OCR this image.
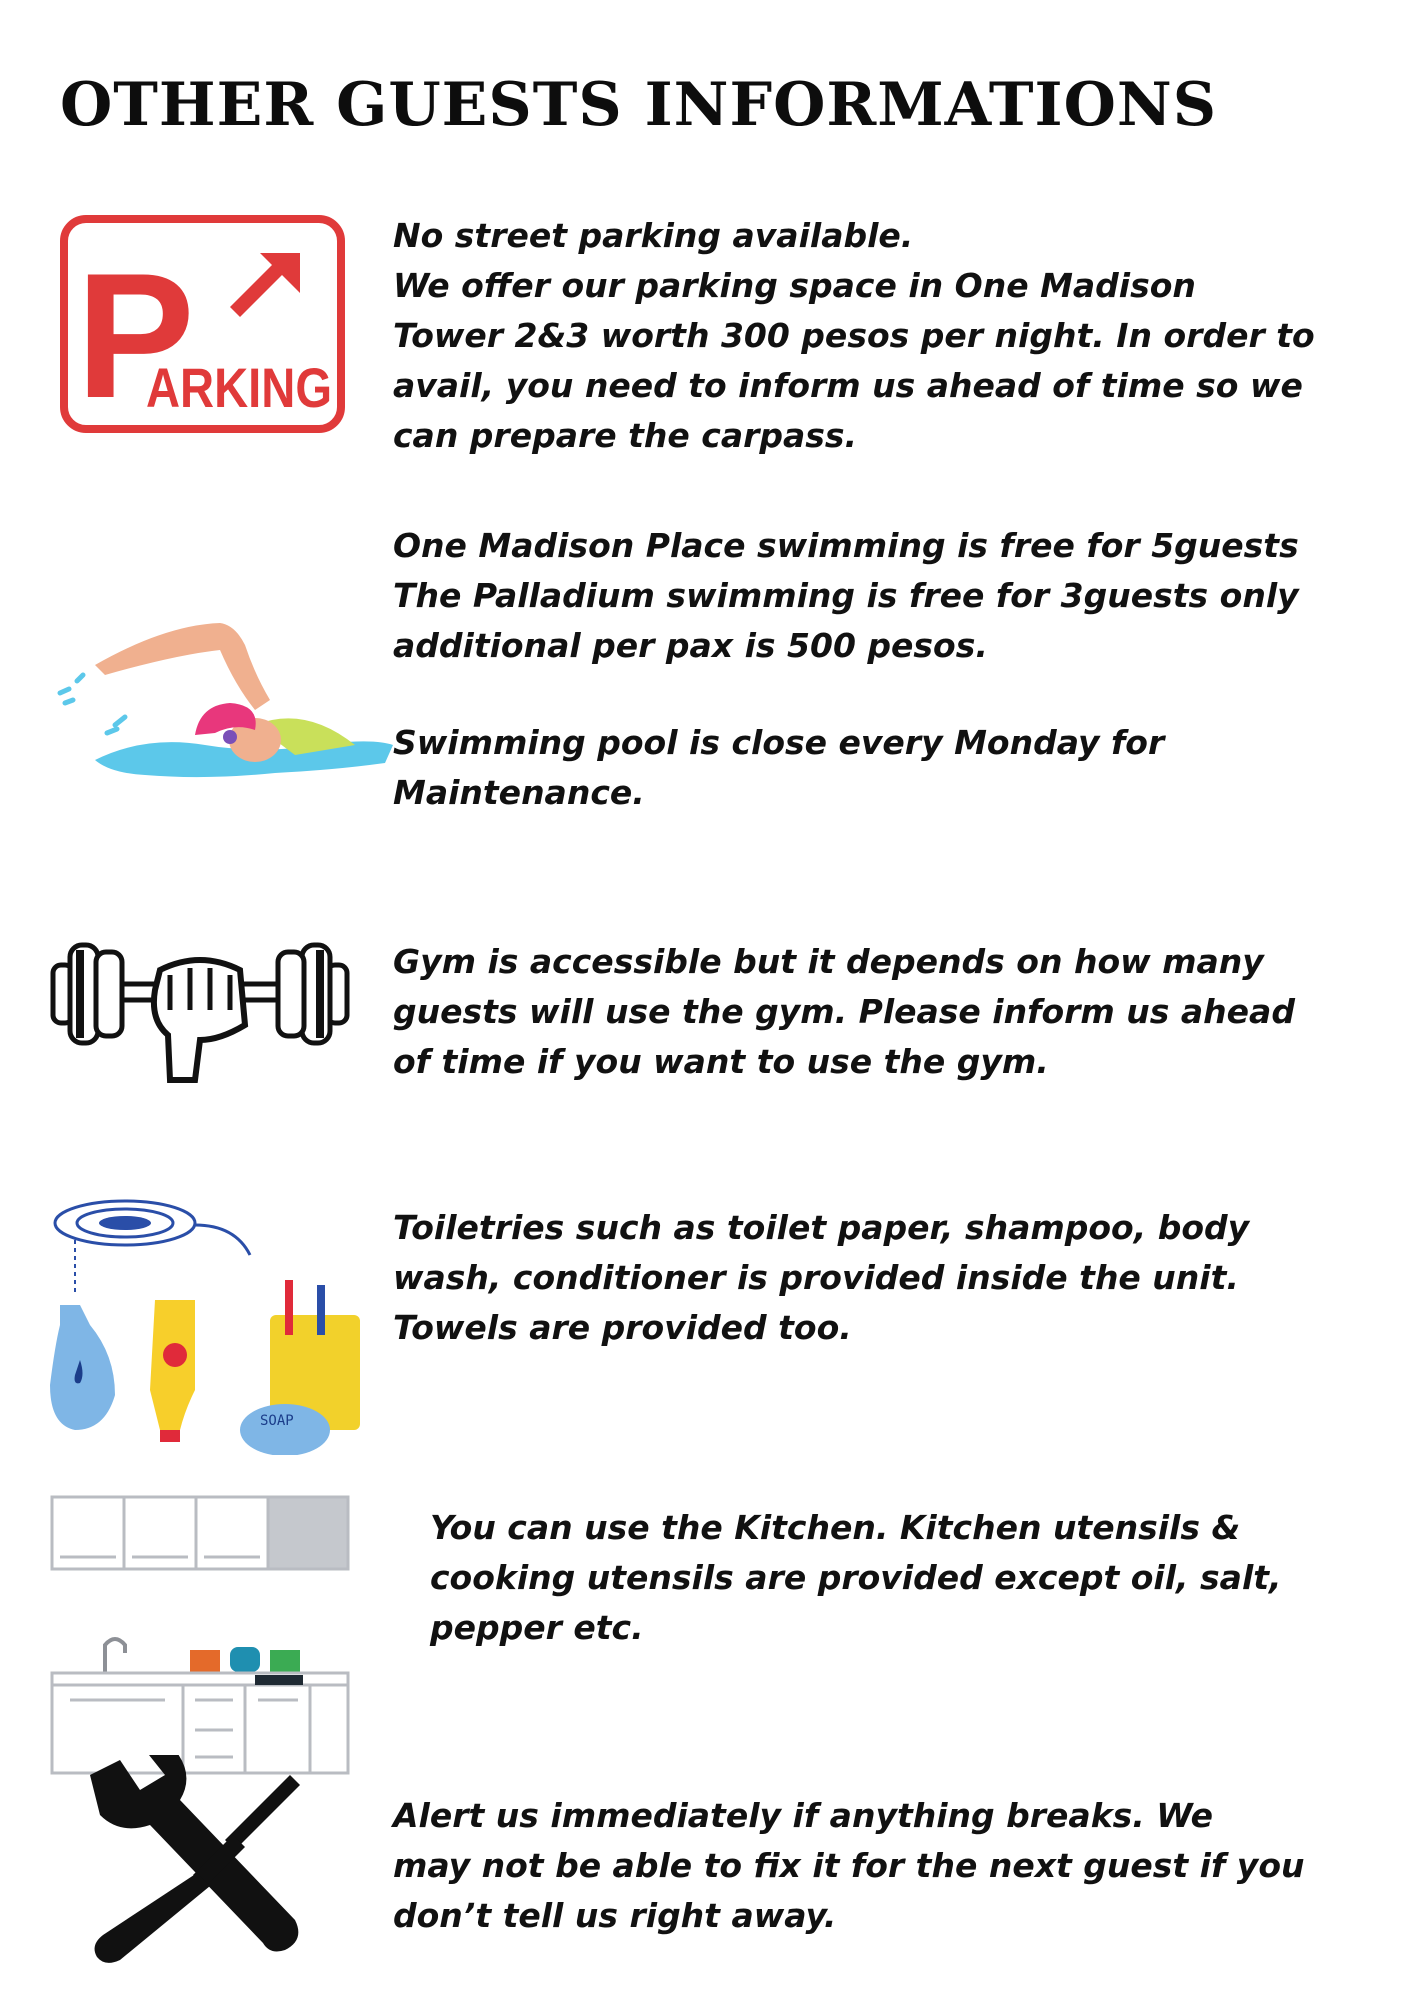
OTHER GUESTS INFORMATIONS
P
ARKING

No street parking available.

We offer our parking space in One Madison

Tower 2&3 worth 300 pesos per night. In order to

avail, you need to inform us ahead of time so we

can prepare the carpass.

One Madison Place swimming is free for 5guests

The Palladium swimming is free for 3guests only

additional per pax is 500 pesos.

Swimming pool is close every Monday for

Maintenance.

Gym is accessible but it depends on how many

guests will use the gym. Please inform us ahead

of time if you want to use the gym.

SOAP

Toiletries such as toilet paper, shampoo, body

wash, conditioner is provided inside the unit.

Towels are provided too.

You can use the Kitchen. Kitchen utensils &

cooking utensils are provided except oil, salt,

pepper etc.

Alert us immediately if anything breaks. We

may not be able to fix it for the next guest if you

don’t tell us right away.
